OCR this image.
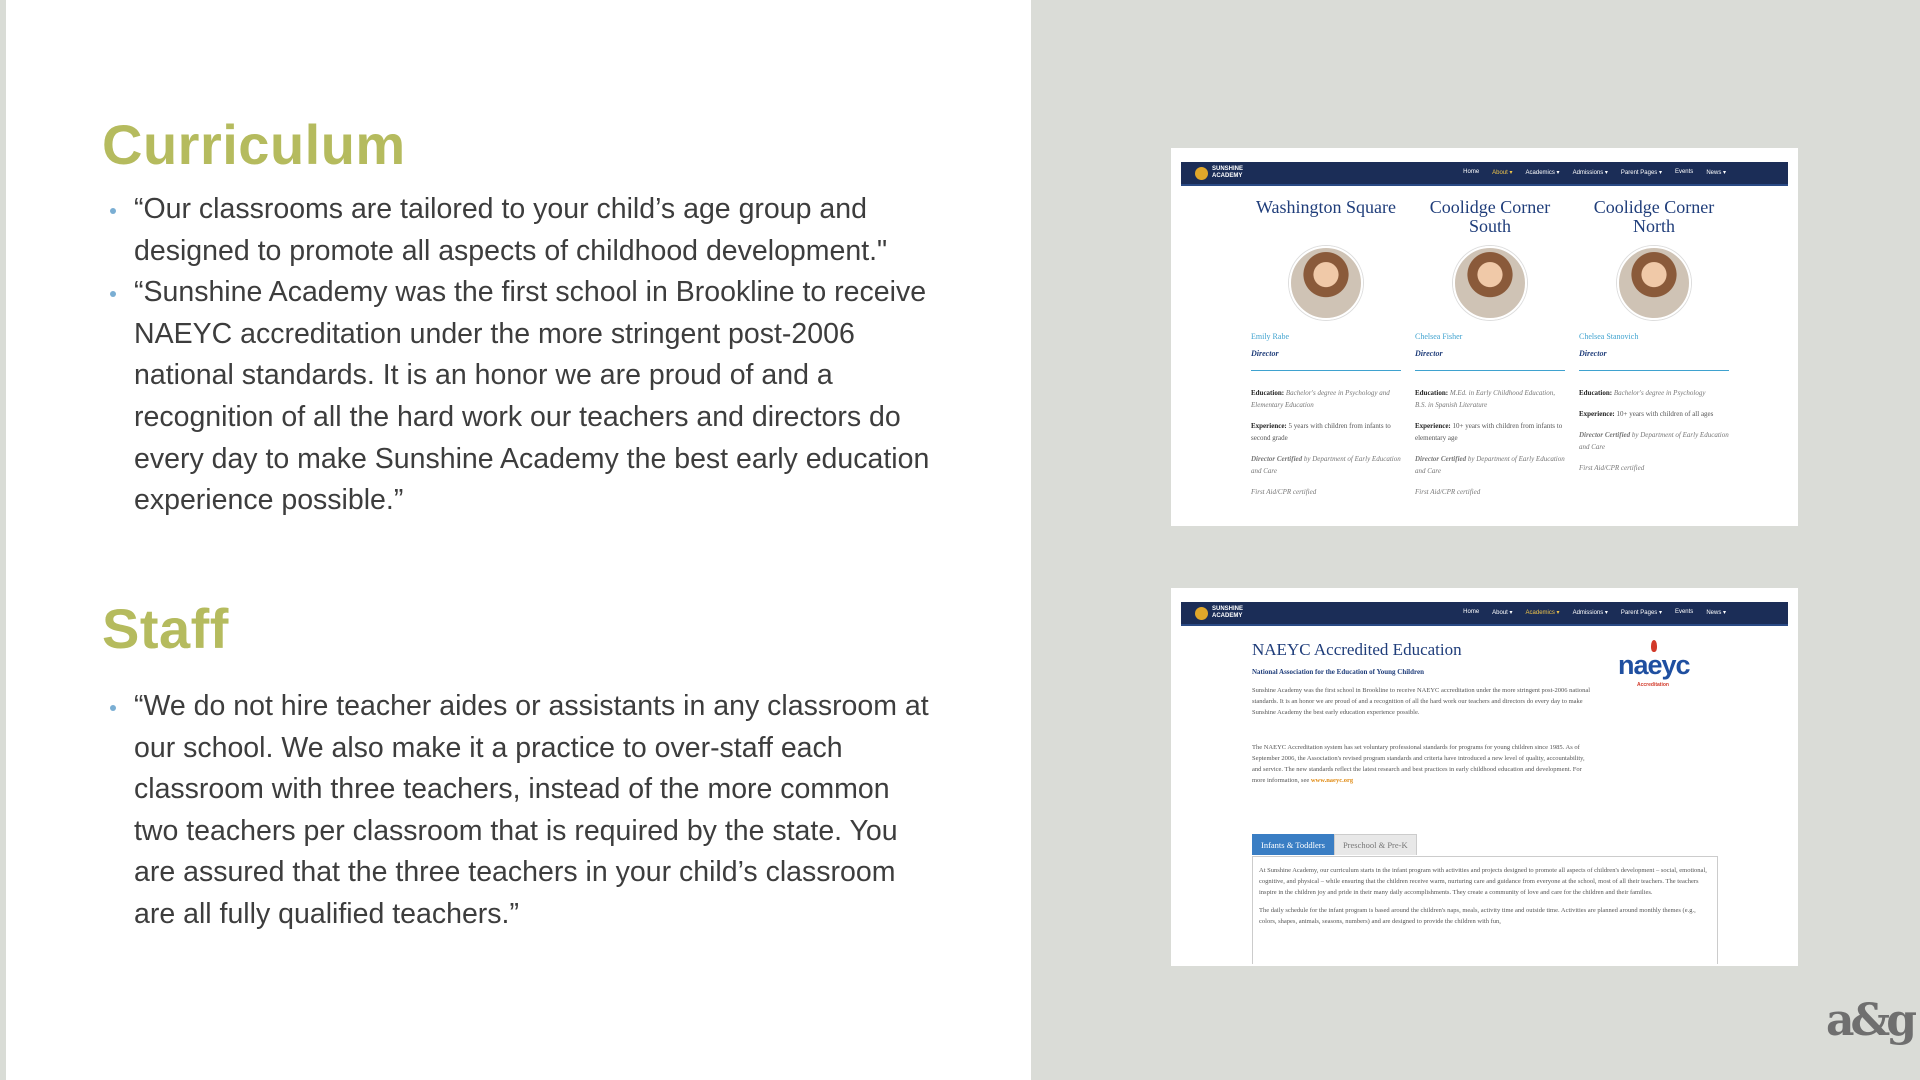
Curriculum
“Our classrooms are tailored to your child’s age group and designed to promote all aspects of childhood development."
“Sunshine Academy was the first school in Brookline to receive NAEYC accreditation under the more stringent post-2006 national standards. It is an honor we are proud of and a recognition of all the hard work our teachers and directors do every day to make Sunshine Academy the best early education experience possible.”
Staff
“We do not hire teacher aides or assistants in any classroom at our school. We also make it a practice to over-staff each classroom with three teachers, instead of the more common two teachers per classroom that is required by the state. You are assured that the three teachers in your child’s classroom are all fully qualified teachers.”
SUNSHINE
ACADEMY
Home About ▾ Academics ▾ Admissions ▾ Parent Pages ▾ Events News ▾
Washington Square
Emily Rabe
Director

Education: Bachelor's degree in Psychology and Elementary Education

Experience: 5 years with children from infants to second grade

Director Certified by Department of Early Education and Care

First Aid/CPR certified

Coolidge Corner South
Chelsea Fisher
Director

Education: M.Ed. in Early Childhood Education, B.S. in Spanish Literature

Experience: 10+ years with children from infants to elementary age

Director Certified by Department of Early Education and Care

First Aid/CPR certified

Coolidge Corner North
Chelsea Stanovich
Director

Education: Bachelor's degree in Psychology

Experience: 10+ years with children of all ages

Director Certified by Department of Early Education and Care

First Aid/CPR certified

SUNSHINE
ACADEMY
Home About ▾ Academics ▾ Admissions ▾ Parent Pages ▾ Events News ▾
NAEYC Accredited Education
National Association for the Education of Young Children
Sunshine Academy was the first school in Brookline to receive NAEYC accreditation under the more stringent post-2006 national standards. It is an honor we are proud of and a recognition of all the hard work our teachers and directors do every day to make Sunshine Academy the best early education experience possible.
The NAEYC Accreditation system has set voluntary professional standards for programs for young children since 1985. As of September 2006, the Association's revised program standards and criteria have introduced a new level of quality, accountability, and service. The new standards reflect the latest research and best practices in early childhood education and development. For more information, see www.naeyc.org
naeyc
Accreditation
Infants & Toddlers	Preschool & Pre-K

At Sunshine Academy, our curriculum starts in the infant program with activities and projects designed to promote all aspects of children's development – social, emotional, cognitive, and physical – while ensuring that the children receive warm, nurturing care and guidance from everyone at the school, most of all their teachers. The teachers inspire in the children joy and pride in their many daily accomplishments. They create a community of love and care for the children and their families.

The daily schedule for the infant program is based around the children's naps, meals, activity time and outside time. Activities are planned around monthly themes (e.g., colors, shapes, animals, seasons, numbers) and are designed to provide the children with fun,

a&g
